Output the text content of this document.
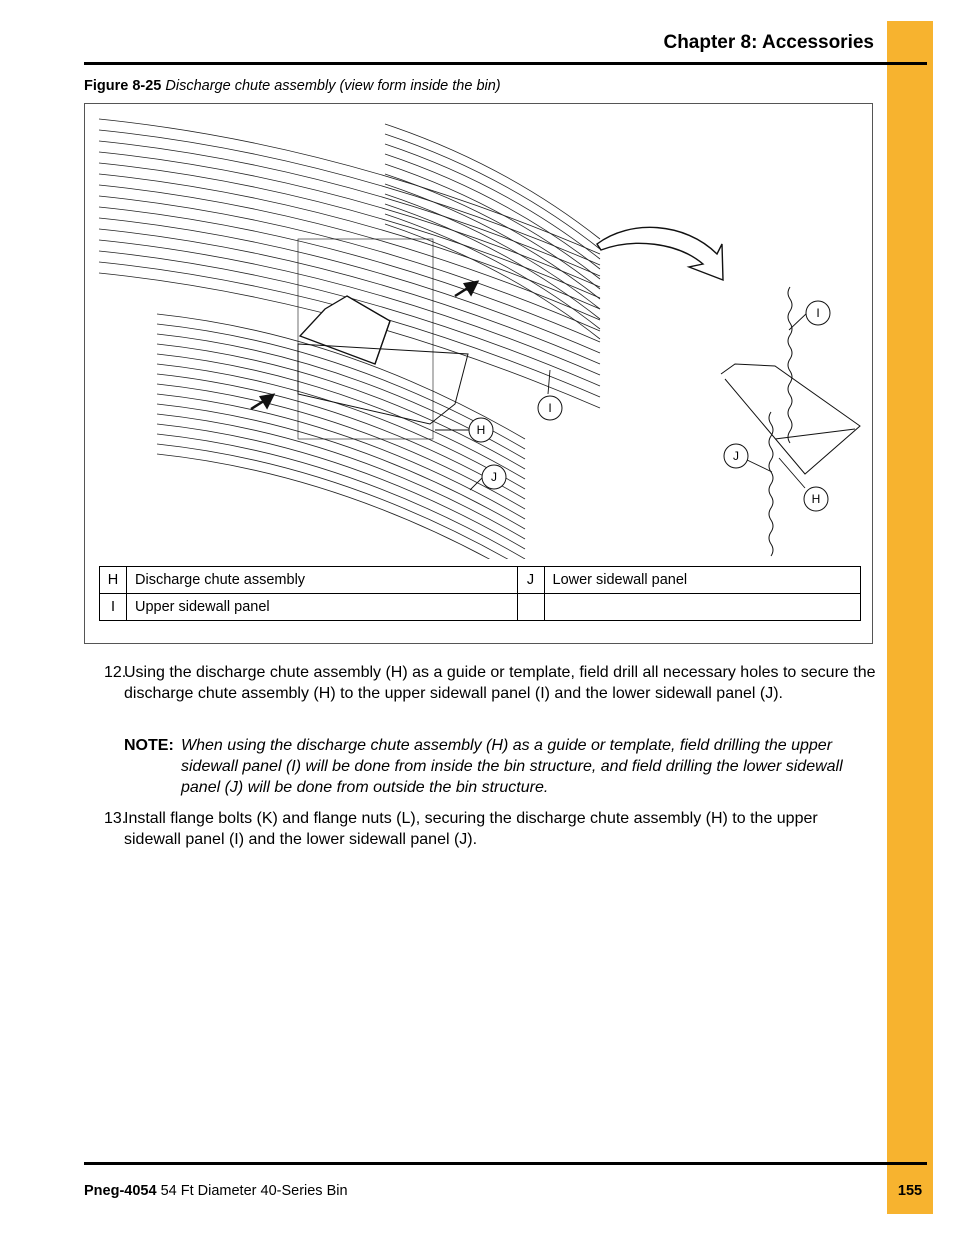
Chapter 8: Accessories
Figure 8-25 Discharge chute assembly (view form inside the bin)
I
H
J
I
H
J
H	Discharge chute assembly	J	Lower sidewall panel
I	Upper sidewall panel		
12.
Using the discharge chute assembly (H) as a guide or template, field drill all necessary holes to secure the discharge chute assembly (H) to the upper sidewall panel (I) and the lower sidewall panel (J).
NOTE: When using the discharge chute assembly (H) as a guide or template, field drilling the upper sidewall panel (I) will be done from inside the bin structure, and field drilling the lower sidewall panel (J) will be done from outside the bin structure.
13.
Install flange bolts (K) and flange nuts (L), securing the discharge chute assembly (H) to the upper sidewall panel (I) and the lower sidewall panel (J).
Pneg-4054 54 Ft Diameter 40-Series Bin	155
